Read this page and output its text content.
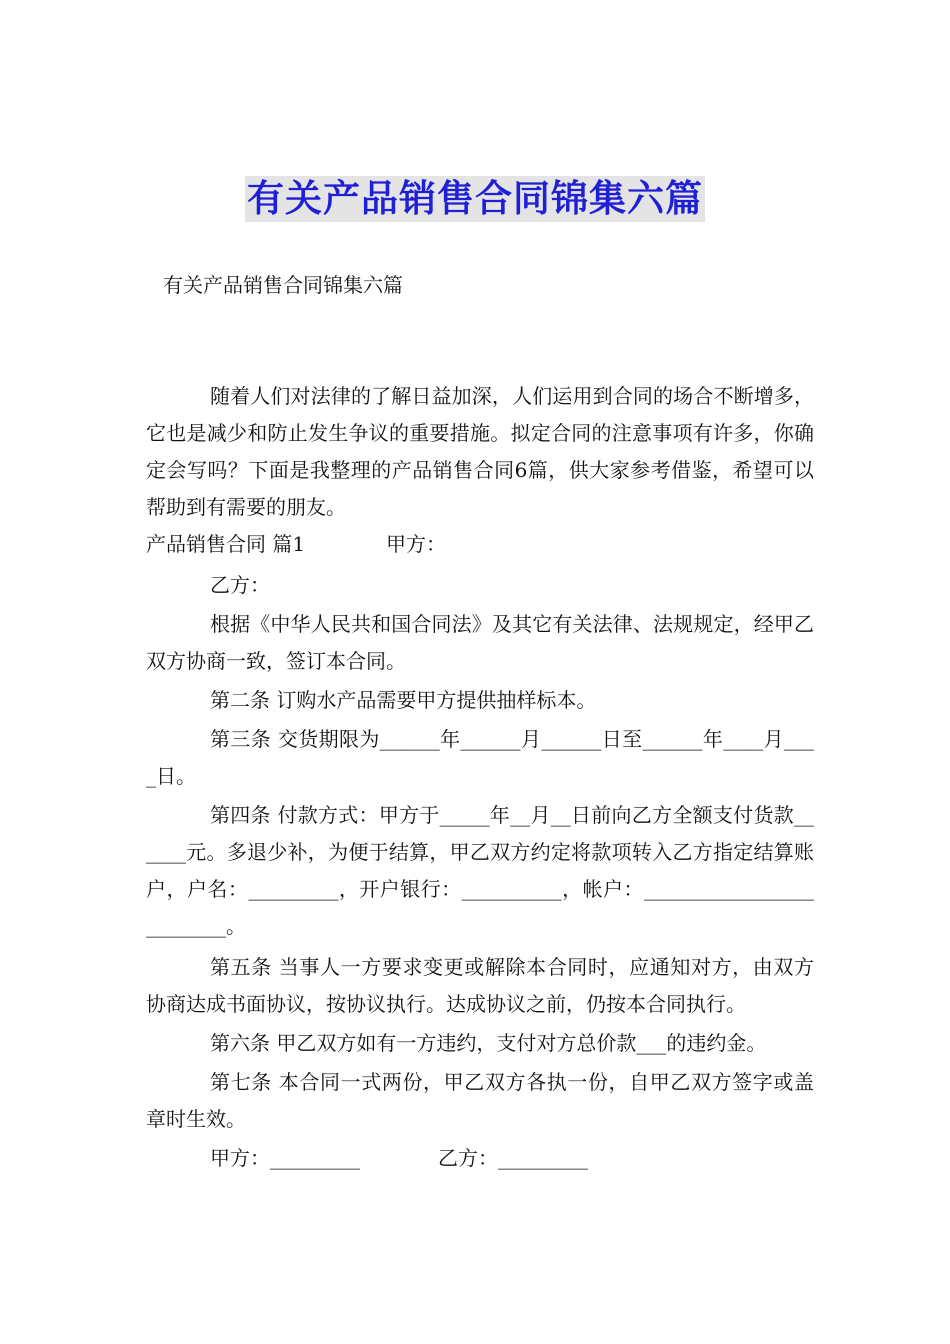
有关产品销售合同锦集六篇
有关产品销售合同锦集六篇

随着人们对法律的了解日益加深，人们运用到合同的场合不断增多，它也是减少和防止发生争议的重要措施。拟定合同的注意事项有许多，你确定会写吗？下面是我整理的产品销售合同6篇，供大家参考借鉴，希望可以帮助到有需要的朋友。

产品销售合同 篇1	甲方：

乙方：

根据《中华人民共和国合同法》及其它有关法律、法规规定，经甲乙双方协商一致，签订本合同。

第二条 订购水产品需要甲方提供抽样标本。

第三条 交货期限为______年______月______日至______年____月____日。

第四条 付款方式：甲方于_____年__月__日前向乙方全额支付货款______元。多退少补，为便于结算，甲乙双方约定将款项转入乙方指定结算账户，户名：_________，开户银行：__________，帐户：_________________________。

第五条 当事人一方要求变更或解除本合同时，应通知对方，由双方协商达成书面协议，按协议执行。达成协议之前，仍按本合同执行。

第六条 甲乙双方如有一方违约，支付对方总价款___的违约金。

第七条 本合同一式两份，甲乙双方各执一份，自甲乙双方签字或盖章时生效。

甲方：_________	乙方：_________
